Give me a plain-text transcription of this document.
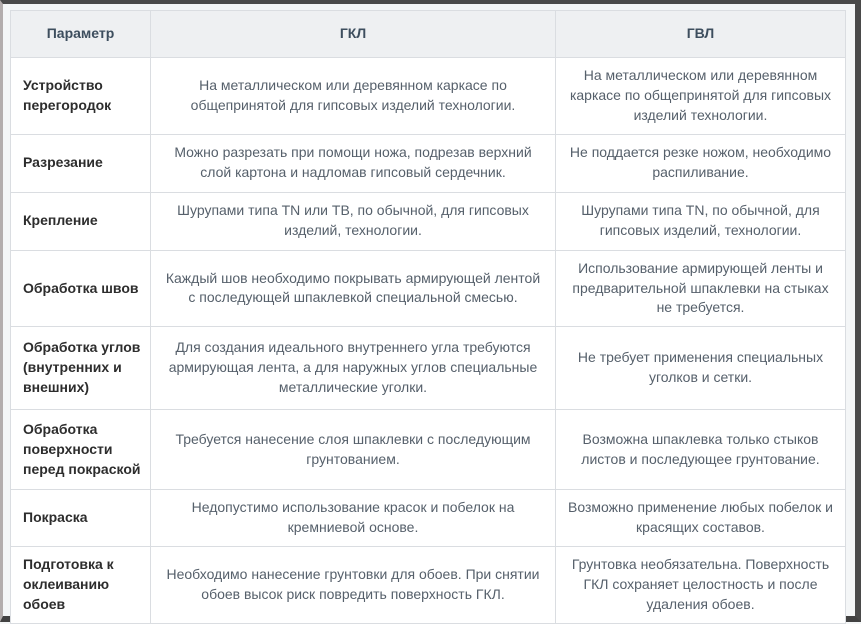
Параметр	ГКЛ	ГВЛ
Устройство перегородок	На металлическом или деревянном каркасе по общепринятой для гипсовых изделий технологии.	На металлическом или деревянном каркасе по общепринятой для гипсовых изделий технологии.
Разрезание	Можно разрезать при помощи ножа, подрезав верхний слой картона и надломав гипсовый сердечник.	Не поддается резке ножом, необходимо распиливание.
Крепление	Шурупами типа TN или TB, по обычной, для гипсовых изделий, технологии.	Шурупами типа TN, по обычной, для гипсовых изделий, технологии.
Обработка швов	Каждый шов необходимо покрывать армирующей лентой с последующей шпаклевкой специальной смесью.	Использование армирующей ленты и предварительной шпаклевки на стыках не требуется.
Обработка углов (внутренних и внешних)	Для создания идеального внутреннего угла требуются армирующая лента, а для наружных углов специальные металлические уголки.	Не требует применения специальных уголков и сетки.
Обработка поверхности перед покраской	Требуется нанесение слоя шпаклевки с последующим грунтованием.	Возможна шпаклевка только стыков листов и последующее грунтование.
Покраска	Недопустимо использование красок и побелок на кремниевой основе.	Возможно применение любых побелок и красящих составов.
Подготовка к оклеиванию обоев	Необходимо нанесение грунтовки для обоев. При снятии обоев высок риск повредить поверхность ГКЛ.	Грунтовка необязательна. Поверхность ГКЛ сохраняет целостность и после удаления обоев.
